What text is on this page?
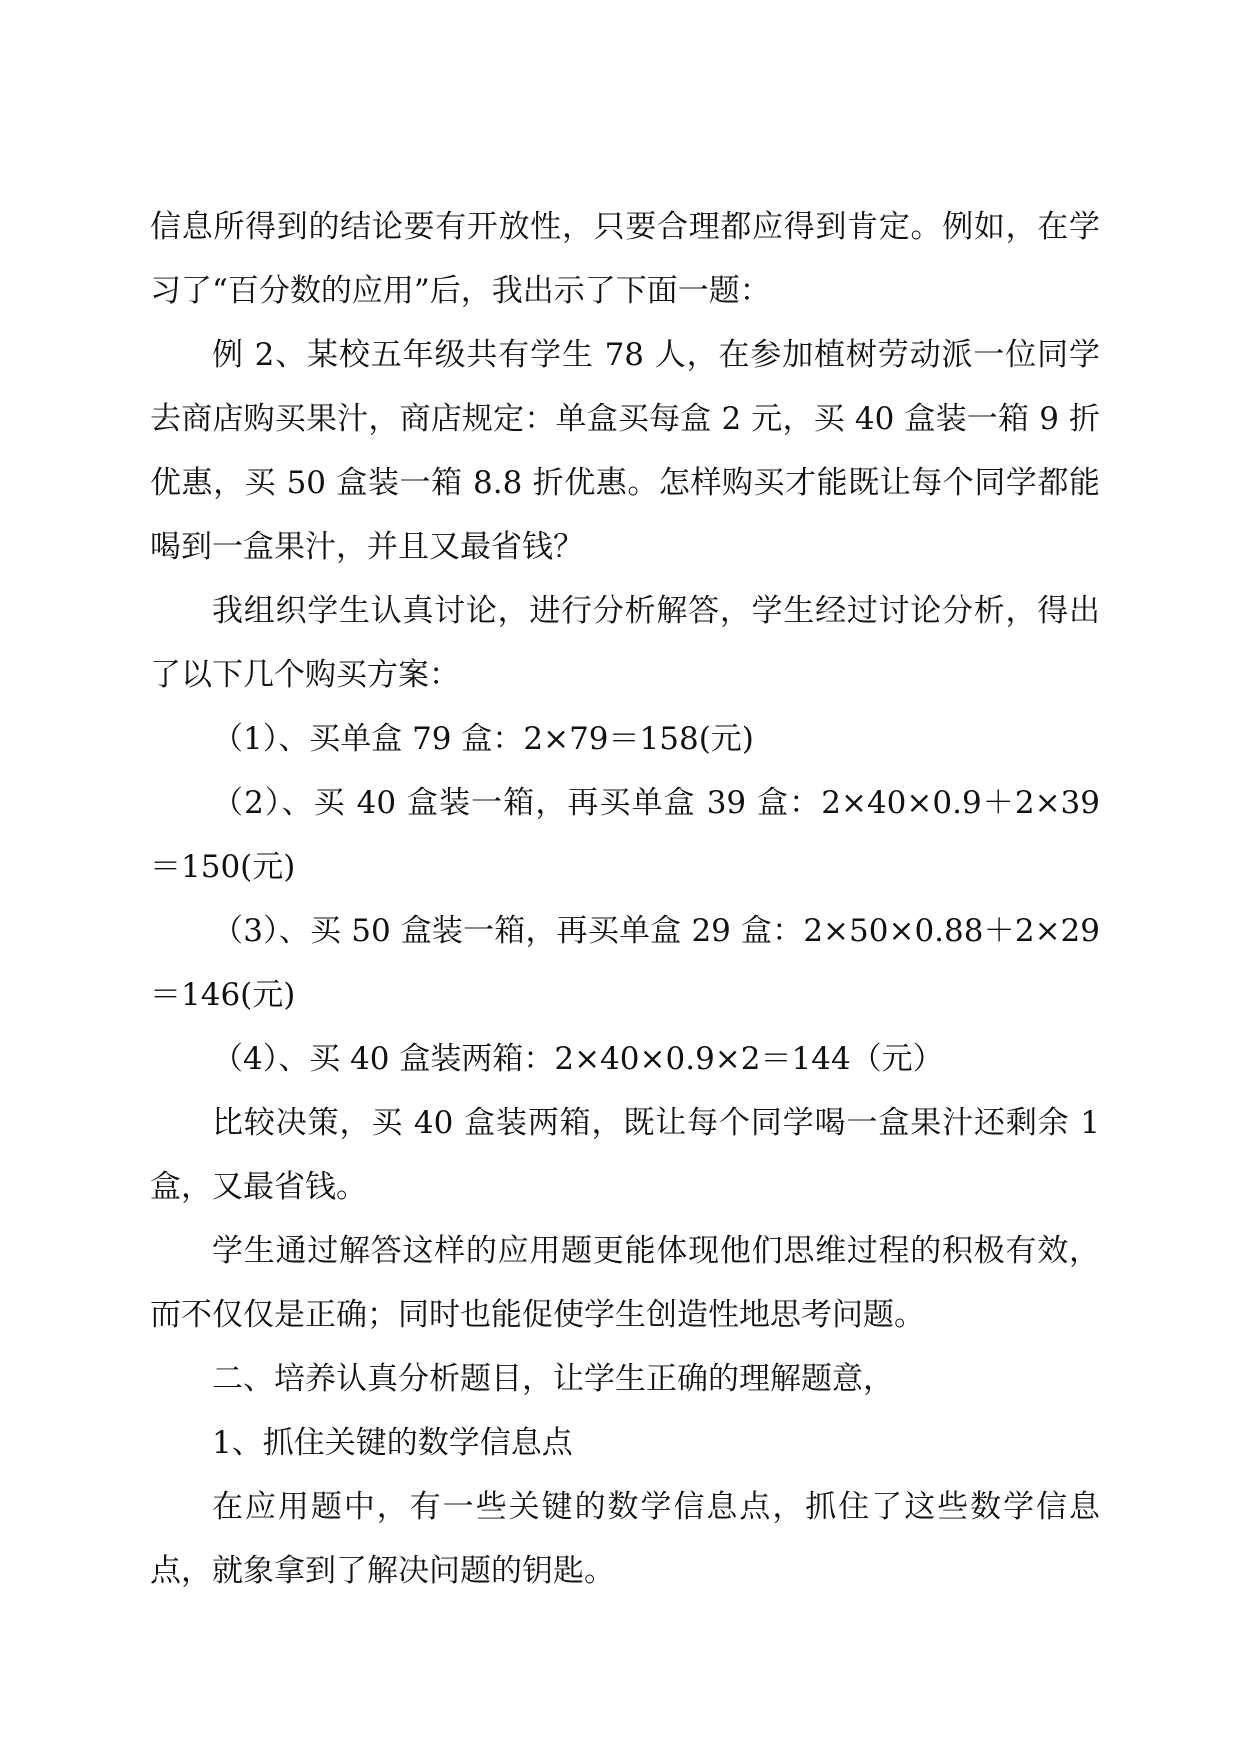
信息所得到的结论要有开放性，只要合理都应得到肯定。例如，在学习了“百分数的应用”后，我出示了下面一题：

例 2、某校五年级共有学生 78 人，在参加植树劳动派一位同学去商店购买果汁，商店规定：单盒买每盒 2 元，买 40 盒装一箱 9 折优惠，买 50 盒装一箱 8.8 折优惠。怎样购买才能既让每个同学都能喝到一盒果汁，并且又最省钱？

我组织学生认真讨论，进行分析解答，学生经过讨论分析，得出了以下几个购买方案：

（1）、买单盒 79 盒：2×79＝158(元)

（2）、买 40 盒装一箱，再买单盒 39 盒：2×40×0.9＋2×39＝150(元)

（3）、买 50 盒装一箱，再买单盒 29 盒：2×50×0.88＋2×29＝146(元)

（4）、买 40 盒装两箱：2×40×0.9×2＝144（元）

比较决策，买 40 盒装两箱，既让每个同学喝一盒果汁还剩余 1 盒，又最省钱。

学生通过解答这样的应用题更能体现他们思维过程的积极有效，而不仅仅是正确；同时也能促使学生创造性地思考问题。

二、培养认真分析题目，让学生正确的理解题意，

1、抓住关键的数学信息点

在应用题中，有一些关键的数学信息点，抓住了这些数学信息点，就象拿到了解决问题的钥匙。
